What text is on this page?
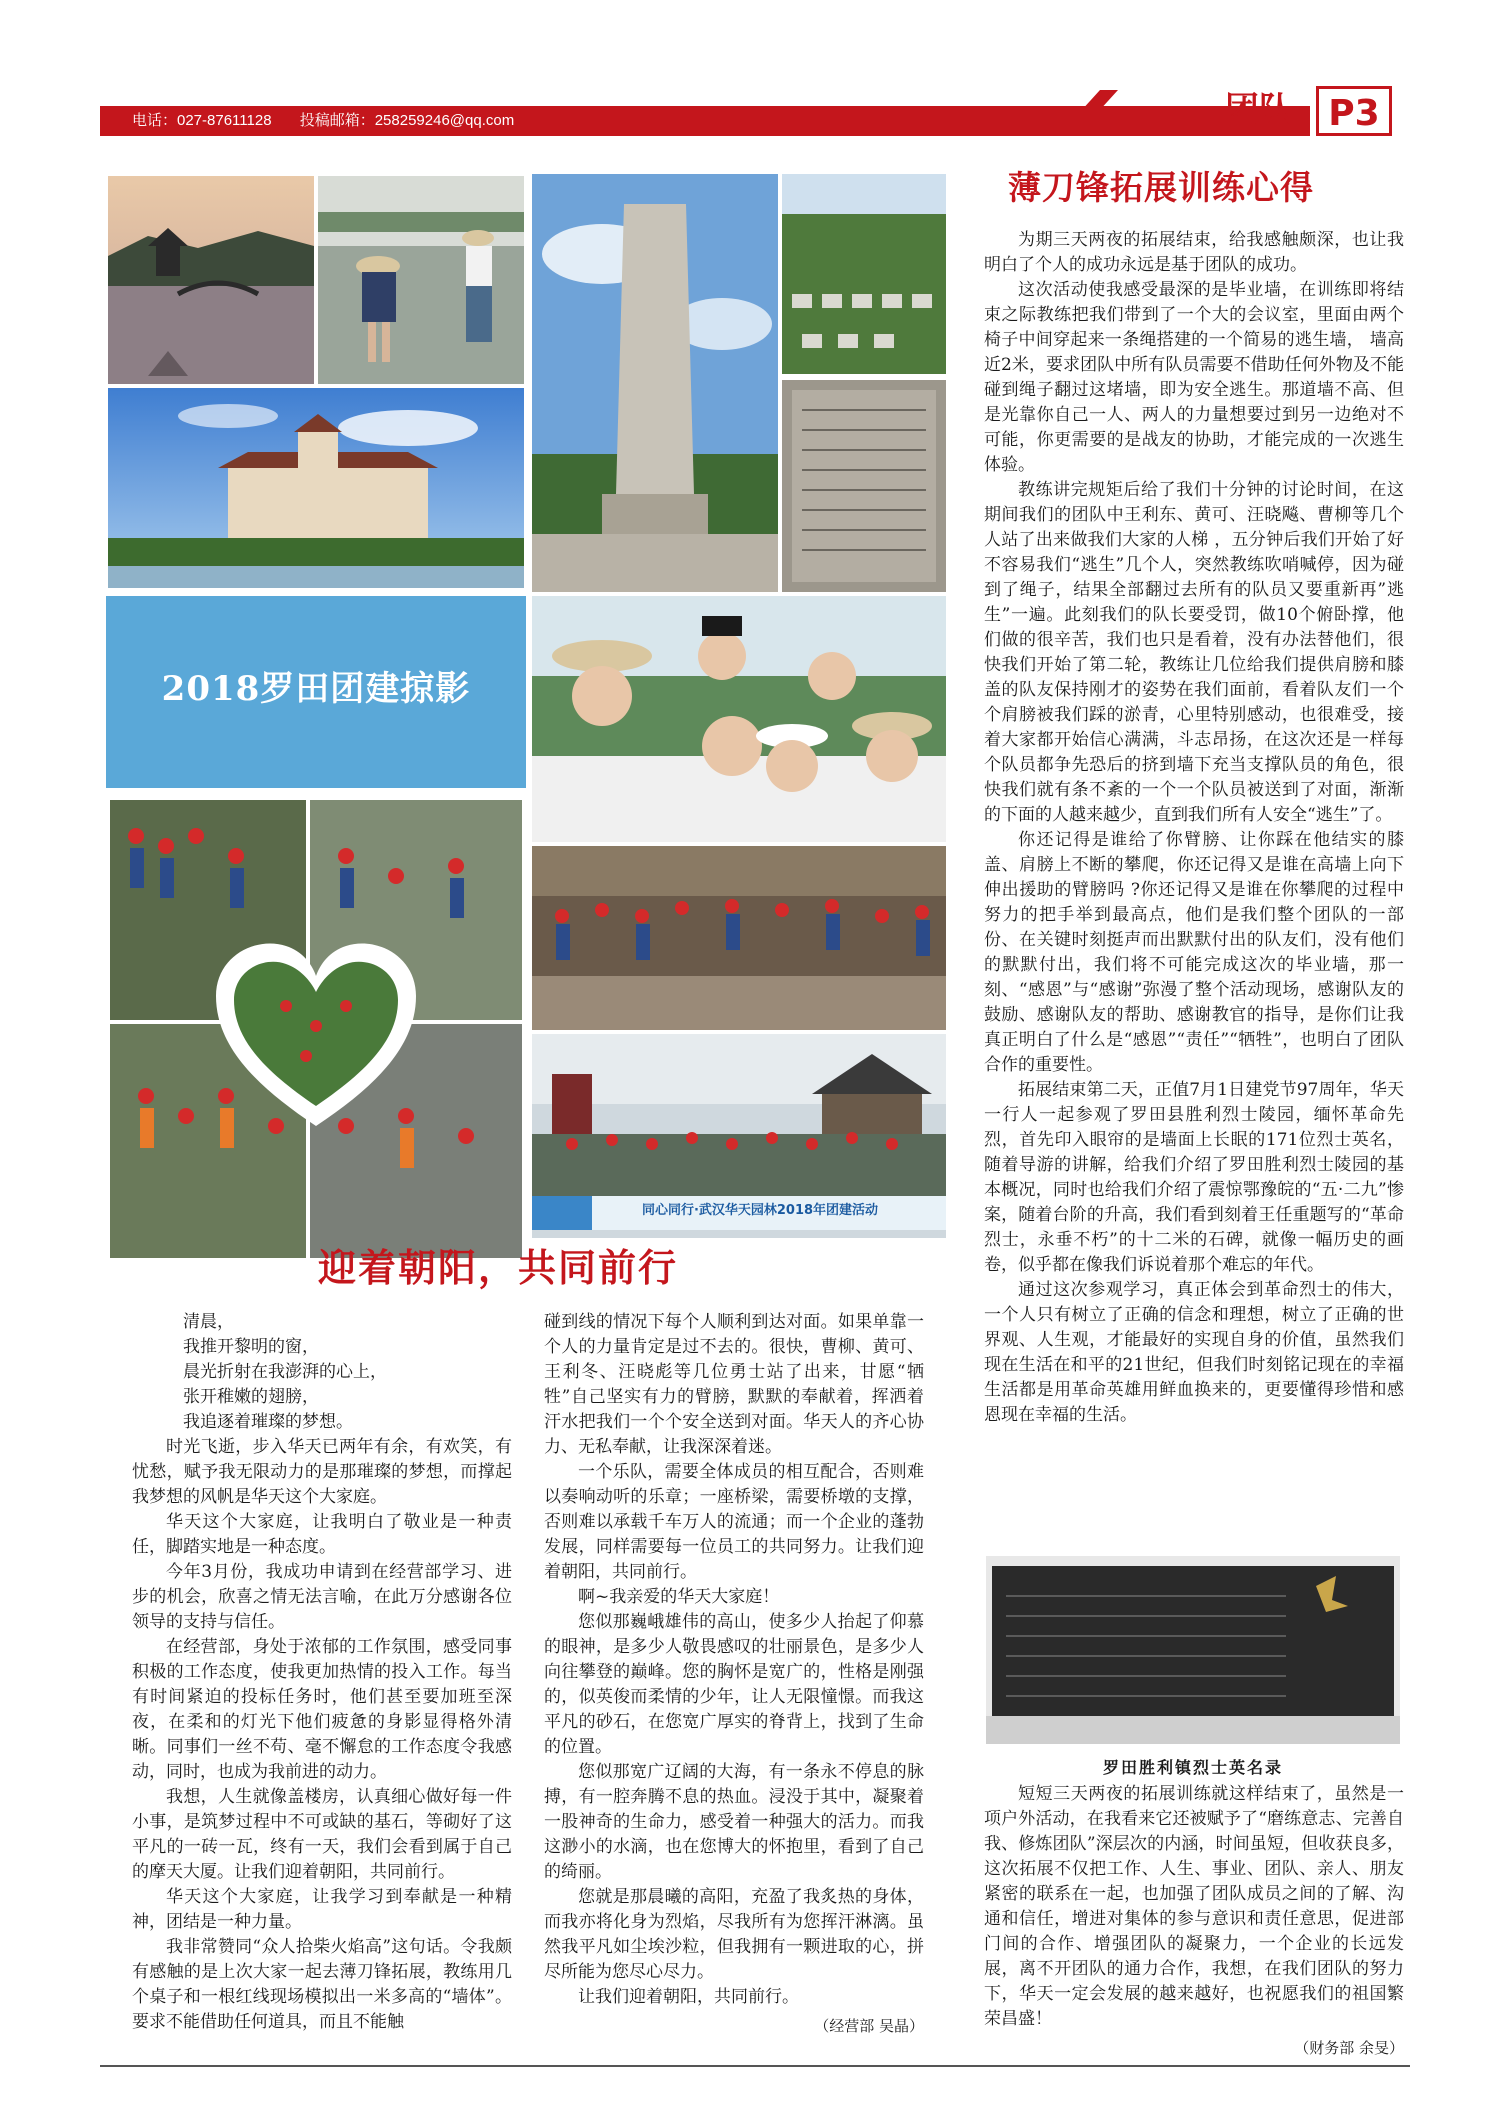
电话：027-87611128 投稿邮箱：258259246@qq.com	团队 P3
2018罗田团建掠影
同心同行·武汉华天园林2018年团建活动
薄刀锋拓展训练心得

为期三天两夜的拓展结束，给我感触颇深，也让我明白了个人的成功永远是基于团队的成功。

这次活动使我感受最深的是毕业墙，在训练即将结束之际教练把我们带到了一个大的会议室，里面由两个椅子中间穿起来一条绳搭建的一个简易的逃生墙， 墙高近2米，要求团队中所有队员需要不借助任何外物及不能碰到绳子翻过这堵墙，即为安全逃生。那道墙不高、但是光靠你自己一人、两人的力量想要过到另一边绝对不可能，你更需要的是战友的协助，才能完成的一次逃生体验。

教练讲完规矩后给了我们十分钟的讨论时间，在这期间我们的团队中王利东、黄可、汪晓飚、曹柳等几个人站了出来做我们大家的人梯 ，五分钟后我们开始了好不容易我们“逃生”几个人，突然教练吹哨喊停，因为碰到了绳子，结果全部翻过去所有的队员又要重新再”逃生”一遍。此刻我们的队长要受罚，做10个俯卧撑，他们做的很辛苦，我们也只是看着，没有办法替他们，很快我们开始了第二轮，教练让几位给我们提供肩膀和膝盖的队友保持刚才的姿势在我们面前，看着队友们一个个肩膀被我们踩的淤青，心里特别感动，也很难受，接着大家都开始信心满满，斗志昂扬，在这次还是一样每个队员都争先恐后的挤到墙下充当支撑队员的角色，很快我们就有条不紊的一个一个队员被送到了对面，渐渐的下面的人越来越少，直到我们所有人安全“逃生”了。

你还记得是谁给了你臂膀、让你踩在他结实的膝盖、肩膀上不断的攀爬，你还记得又是谁在高墙上向下伸出援助的臂膀吗 ?你还记得又是谁在你攀爬的过程中努力的把手举到最高点，他们是我们整个团队的一部份、在关键时刻挺声而出默默付出的队友们，没有他们的默默付出，我们将不可能完成这次的毕业墙，那一刻、“感恩”与“感谢”弥漫了整个活动现场，感谢队友的鼓励、感谢队友的帮助、感谢教官的指导，是你们让我真正明白了什么是“感恩”“责任”“牺牲”，也明白了团队合作的重要性。

拓展结束第二天，正值7月1日建党节97周年，华天一行人一起参观了罗田县胜利烈士陵园，缅怀革命先烈，首先印入眼帘的是墙面上长眠的171位烈士英名，随着导游的讲解，给我们介绍了罗田胜利烈士陵园的基本概况，同时也给我们介绍了震惊鄂豫皖的“五·二九”惨案，随着台阶的升高，我们看到刻着王任重题写的“革命烈士，永垂不朽”的十二米的石碑，就像一幅历史的画卷，似乎都在像我们诉说着那个难忘的年代。

通过这次参观学习，真正体会到革命烈士的伟大，一个人只有树立了正确的信念和理想，树立了正确的世界观、人生观，才能最好的实现自身的价值，虽然我们现在生活在和平的21世纪，但我们时刻铭记现在的幸福生活都是用革命英雄用鲜血换来的，更要懂得珍惜和感恩现在幸福的生活。

罗田胜利镇烈士英名录

短短三天两夜的拓展训练就这样结束了，虽然是一项户外活动，在我看来它还被赋予了“磨练意志、完善自我、修炼团队”深层次的内涵，时间虽短，但收获良多，这次拓展不仅把工作、人生、事业、团队、亲人、朋友紧密的联系在一起，也加强了团队成员之间的了解、沟通和信任，增进对集体的参与意识和责任意思，促进部门间的合作、增强团队的凝聚力，一个企业的长远发展，离不开团队的通力合作，我想，在我们团队的努力下，华天一定会发展的越来越好，也祝愿我们的祖国繁荣昌盛！

（财务部 余旻）

迎着朝阳，共同前行

清晨，

我推开黎明的窗，

晨光折射在我澎湃的心上，

张开稚嫩的翅膀，

我追逐着璀璨的梦想。

时光飞逝，步入华天已两年有余，有欢笑，有忧愁，赋予我无限动力的是那璀璨的梦想，而撑起我梦想的风帆是华天这个大家庭。

华天这个大家庭，让我明白了敬业是一种责任，脚踏实地是一种态度。

今年3月份，我成功申请到在经营部学习、进步的机会，欣喜之情无法言喻，在此万分感谢各位领导的支持与信任。

在经营部，身处于浓郁的工作氛围，感受同事积极的工作态度，使我更加热情的投入工作。每当有时间紧迫的投标任务时，他们甚至要加班至深夜，在柔和的灯光下他们疲惫的身影显得格外清晰。同事们一丝不苟、毫不懈怠的工作态度令我感动，同时，也成为我前进的动力。

我想，人生就像盖楼房，认真细心做好每一件小事，是筑梦过程中不可或缺的基石，等砌好了这平凡的一砖一瓦，终有一天，我们会看到属于自己的摩天大厦。让我们迎着朝阳，共同前行。

华天这个大家庭，让我学习到奉献是一种精神，团结是一种力量。

我非常赞同“众人拾柴火焰高”这句话。令我颇有感触的是上次大家一起去薄刀锋拓展，教练用几个桌子和一根红线现场模拟出一米多高的“墙体”。要求不能借助任何道具，而且不能触

碰到线的情况下每个人顺利到达对面。如果单靠一个人的力量肯定是过不去的。很快，曹柳、黄可、王利冬、汪晓彪等几位勇士站了出来，甘愿“牺牲”自己坚实有力的臂膀，默默的奉献着，挥洒着汗水把我们一个个安全送到对面。华天人的齐心协力、无私奉献，让我深深着迷。

一个乐队，需要全体成员的相互配合，否则难以奏响动听的乐章；一座桥梁，需要桥墩的支撑，否则难以承载千车万人的流通；而一个企业的蓬勃发展，同样需要每一位员工的共同努力。让我们迎着朝阳，共同前行。

啊~我亲爱的华天大家庭！

您似那巍峨雄伟的高山，使多少人抬起了仰慕的眼神，是多少人敬畏感叹的壮丽景色，是多少人向往攀登的巅峰。您的胸怀是宽广的，性格是刚强的，似英俊而柔情的少年，让人无限憧憬。而我这平凡的砂石，在您宽广厚实的脊背上，找到了生命的位置。

您似那宽广辽阔的大海，有一条永不停息的脉搏，有一腔奔腾不息的热血。浸没于其中，凝聚着一股神奇的生命力，感受着一种强大的活力。而我这渺小的水滴，也在您博大的怀抱里，看到了自己的绮丽。

您就是那晨曦的高阳，充盈了我炙热的身体，而我亦将化身为烈焰，尽我所有为您挥汗淋漓。虽然我平凡如尘埃沙粒，但我拥有一颗进取的心，拼尽所能为您尽心尽力。

让我们迎着朝阳，共同前行。

（经营部 吴晶）
